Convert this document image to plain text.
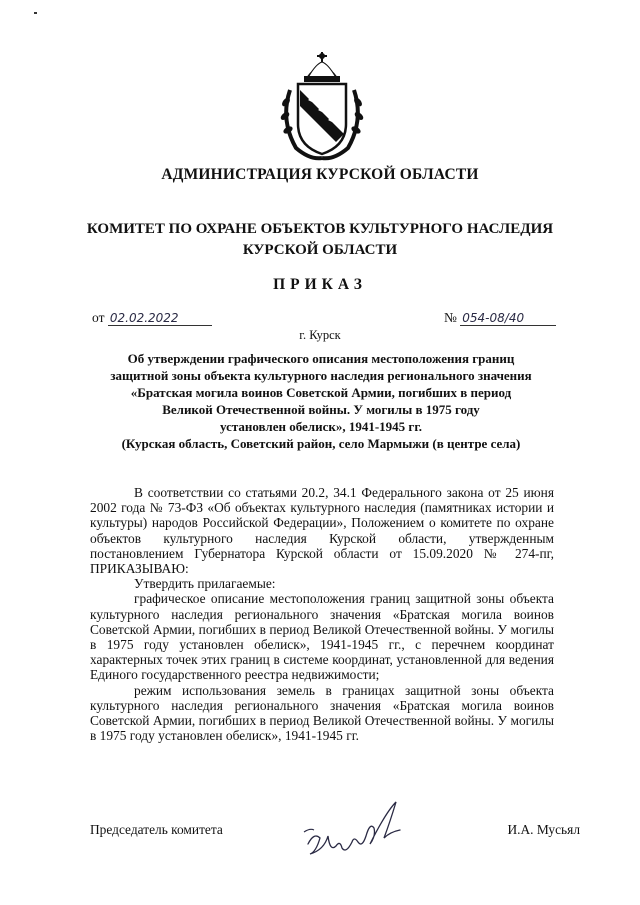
АДМИНИСТРАЦИЯ КУРСКОЙ ОБЛАСТИ
КОМИТЕТ ПО ОХРАНЕ ОБЪЕКТОВ КУЛЬТУРНОГО НАСЛЕДИЯ
КУРСКОЙ ОБЛАСТИ
ПРИКАЗ
от 02.02.2022	№ 054-08/40
г. Курск
Об утверждении графического описания местоположения границ
защитной зоны объекта культурного наследия регионального значения
«Братская могила воинов Советской Армии, погибших в период
Великой Отечественной войны. У могилы в 1975 году
установлен обелиск», 1941-1945 гг.
(Курская область, Советский район, село Мармыжи (в центре села)

В соответствии со статьями 20.2, 34.1 Федерального закона от 25 июня 2002 года № 73-ФЗ «Об объектах культурного наследия (памятниках истории и культуры) народов Российской Федерации», Положением о комитете по охране объектов культурного наследия Курской области, утвержденным постановлением Губернатора Курской области от 15.09.2020 № 274-пг, ПРИКАЗЫВАЮ:

Утвердить прилагаемые:

графическое описание местоположения границ защитной зоны объекта культурного наследия регионального значения «Братская могила воинов Советской Армии, погибших в период Великой Отечественной войны. У могилы в 1975 году установлен обелиск», 1941-1945 гг., с перечнем координат характерных точек этих границ в системе координат, установленной для ведения Единого государственного реестра недвижимости;

режим использования земель в границах защитной зоны объекта культурного наследия регионального значения «Братская могила воинов Советской Армии, погибших в период Великой Отечественной войны. У могилы в 1975 году установлен обелиск», 1941-1945 гг.

Председатель комитета	И.А. Мусьял
